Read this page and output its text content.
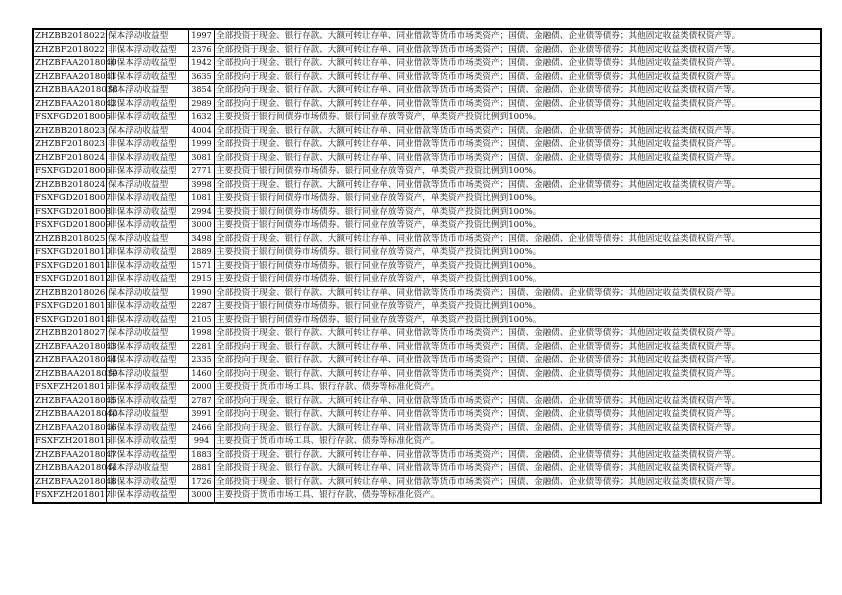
ZHZBB2018022	保本浮动收益型	1997	全部投资于现金、银行存款、大额可转让存单、同业借款等货币市场类资产；国债、金融债、企业债等债券；其他固定收益类债权资产等。
ZHZBF2018022	非保本浮动收益型	2376	全部投资于现金、银行存款、大额可转让存单、同业借款等货币市场类资产；国债、金融债、企业债等债券；其他固定收益类债权资产等。
ZHZBFAA2018040	非保本浮动收益型	1942	全部投向于现金、银行存款、大额可转让存单、同业借款等货币市场类资产；国债、金融债、企业债等债券；其他固定收益类债权资产等。
ZHZBFAA2018041	非保本浮动收益型	3635	全部投向于现金、银行存款、大额可转让存单、同业借款等货币市场类资产；国债、金融债、企业债等债券；其他固定收益类债权资产等。
ZHZBBAA2018038	保本浮动收益型	3854	全部投向于现金、银行存款、大额可转让存单、同业借款等货币市场类资产；国债、金融债、企业债等债券；其他固定收益类债权资产等。
ZHZBFAA2018042	非保本浮动收益型	2989	全部投向于现金、银行存款、大额可转让存单、同业借款等货币市场类资产；国债、金融债、企业债等债券；其他固定收益类债权资产等。
FSXFGD2018005	非保本浮动收益型	1632	主要投资于银行间债券市场债券、银行同业存放等资产，单类资产投资比例到100%。
ZHZBB2018023	保本浮动收益型	4004	全部投资于现金、银行存款、大额可转让存单、同业借款等货币市场类资产；国债、金融债、企业债等债券；其他固定收益类债权资产等。
ZHZBF2018023	非保本浮动收益型	1999	全部投资于现金、银行存款、大额可转让存单、同业借款等货币市场类资产；国债、金融债、企业债等债券；其他固定收益类债权资产等。
ZHZBF2018024	非保本浮动收益型	3081	全部投资于现金、银行存款、大额可转让存单、同业借款等货币市场类资产；国债、金融债、企业债等债券；其他固定收益类债权资产等。
FSXFGD2018006	非保本浮动收益型	2771	主要投资于银行间债券市场债券、银行同业存放等资产，单类资产投资比例到100%。
ZHZBB2018024	保本浮动收益型	3998	全部投资于现金、银行存款、大额可转让存单、同业借款等货币市场类资产；国债、金融债、企业债等债券；其他固定收益类债权资产等。
FSXFGD2018007	非保本浮动收益型	1081	主要投资于银行间债券市场债券、银行同业存放等资产，单类资产投资比例到100%。
FSXFGD2018008	非保本浮动收益型	2994	主要投资于银行间债券市场债券、银行同业存放等资产，单类资产投资比例到100%。
FSXFGD2018009	非保本浮动收益型	3000	主要投资于银行间债券市场债券、银行同业存放等资产，单类资产投资比例到100%。
ZHZBB2018025	保本浮动收益型	3498	全部投资于现金、银行存款、大额可转让存单、同业借款等货币市场类资产；国债、金融债、企业债等债券；其他固定收益类债权资产等。
FSXFGD2018010	非保本浮动收益型	2889	主要投资于银行间债券市场债券、银行同业存放等资产，单类资产投资比例到100%。
FSXFGD2018011	非保本浮动收益型	1571	主要投资于银行间债券市场债券、银行同业存放等资产，单类资产投资比例到100%。
FSXFGD2018012	非保本浮动收益型	2915	主要投资于银行间债券市场债券、银行同业存放等资产，单类资产投资比例到100%。
ZHZBB2018026	保本浮动收益型	1990	全部投资于现金、银行存款、大额可转让存单、同业借款等货币市场类资产；国债、金融债、企业债等债券；其他固定收益类债权资产等。
FSXFGD2018013	非保本浮动收益型	2287	主要投资于银行间债券市场债券、银行同业存放等资产，单类资产投资比例到100%。
FSXFGD2018014	非保本浮动收益型	2105	主要投资于银行间债券市场债券、银行同业存放等资产，单类资产投资比例到100%。
ZHZBB2018027	保本浮动收益型	1998	全部投资于现金、银行存款、大额可转让存单、同业借款等货币市场类资产；国债、金融债、企业债等债券；其他固定收益类债权资产等。
ZHZBFAA2018043	非保本浮动收益型	2281	全部投向于现金、银行存款、大额可转让存单、同业借款等货币市场类资产；国债、金融债、企业债等债券；其他固定收益类债权资产等。
ZHZBFAA2018044	非保本浮动收益型	2335	全部投向于现金、银行存款、大额可转让存单、同业借款等货币市场类资产；国债、金融债、企业债等债券；其他固定收益类债权资产等。
ZHZBBAA2018039	保本浮动收益型	1460	全部投向于现金、银行存款、大额可转让存单、同业借款等货币市场类资产；国债、金融债、企业债等债券；其他固定收益类债权资产等。
FSXFZH2018015	非保本浮动收益型	2000	主要投资于货币市场工具、银行存款、债券等标准化资产。
ZHZBFAA2018045	非保本浮动收益型	2787	全部投向于现金、银行存款、大额可转让存单、同业借款等货币市场类资产；国债、金融债、企业债等债券；其他固定收益类债权资产等。
ZHZBBAA2018040	保本浮动收益型	3991	全部投向于现金、银行存款、大额可转让存单、同业借款等货币市场类资产；国债、金融债、企业债等债券；其他固定收益类债权资产等。
ZHZBFAA2018046	非保本浮动收益型	2466	全部投向于现金、银行存款、大额可转让存单、同业借款等货币市场类资产；国债、金融债、企业债等债券；其他固定收益类债权资产等。
FSXFZH2018016	非保本浮动收益型	994	主要投资于货币市场工具、银行存款、债券等标准化资产。
ZHZBFAA2018047	非保本浮动收益型	1883	全部投资于现金、银行存款、大额可转让存单、同业借款等货币市场类资产；国债、金融债、企业债等债券；其他固定收益类债权资产等。
ZHZBBAA2018041	保本浮动收益型	2881	全部投资于现金、银行存款、大额可转让存单、同业借款等货币市场类资产；国债、金融债、企业债等债券；其他固定收益类债权资产等。
ZHZBFAA2018048	非保本浮动收益型	1726	全部投资于现金、银行存款、大额可转让存单、同业借款等货币市场类资产；国债、金融债、企业债等债券；其他固定收益类债权资产等。
FSXFZH2018017	非保本浮动收益型	3000	主要投资于货币市场工具、银行存款、债券等标准化资产。
